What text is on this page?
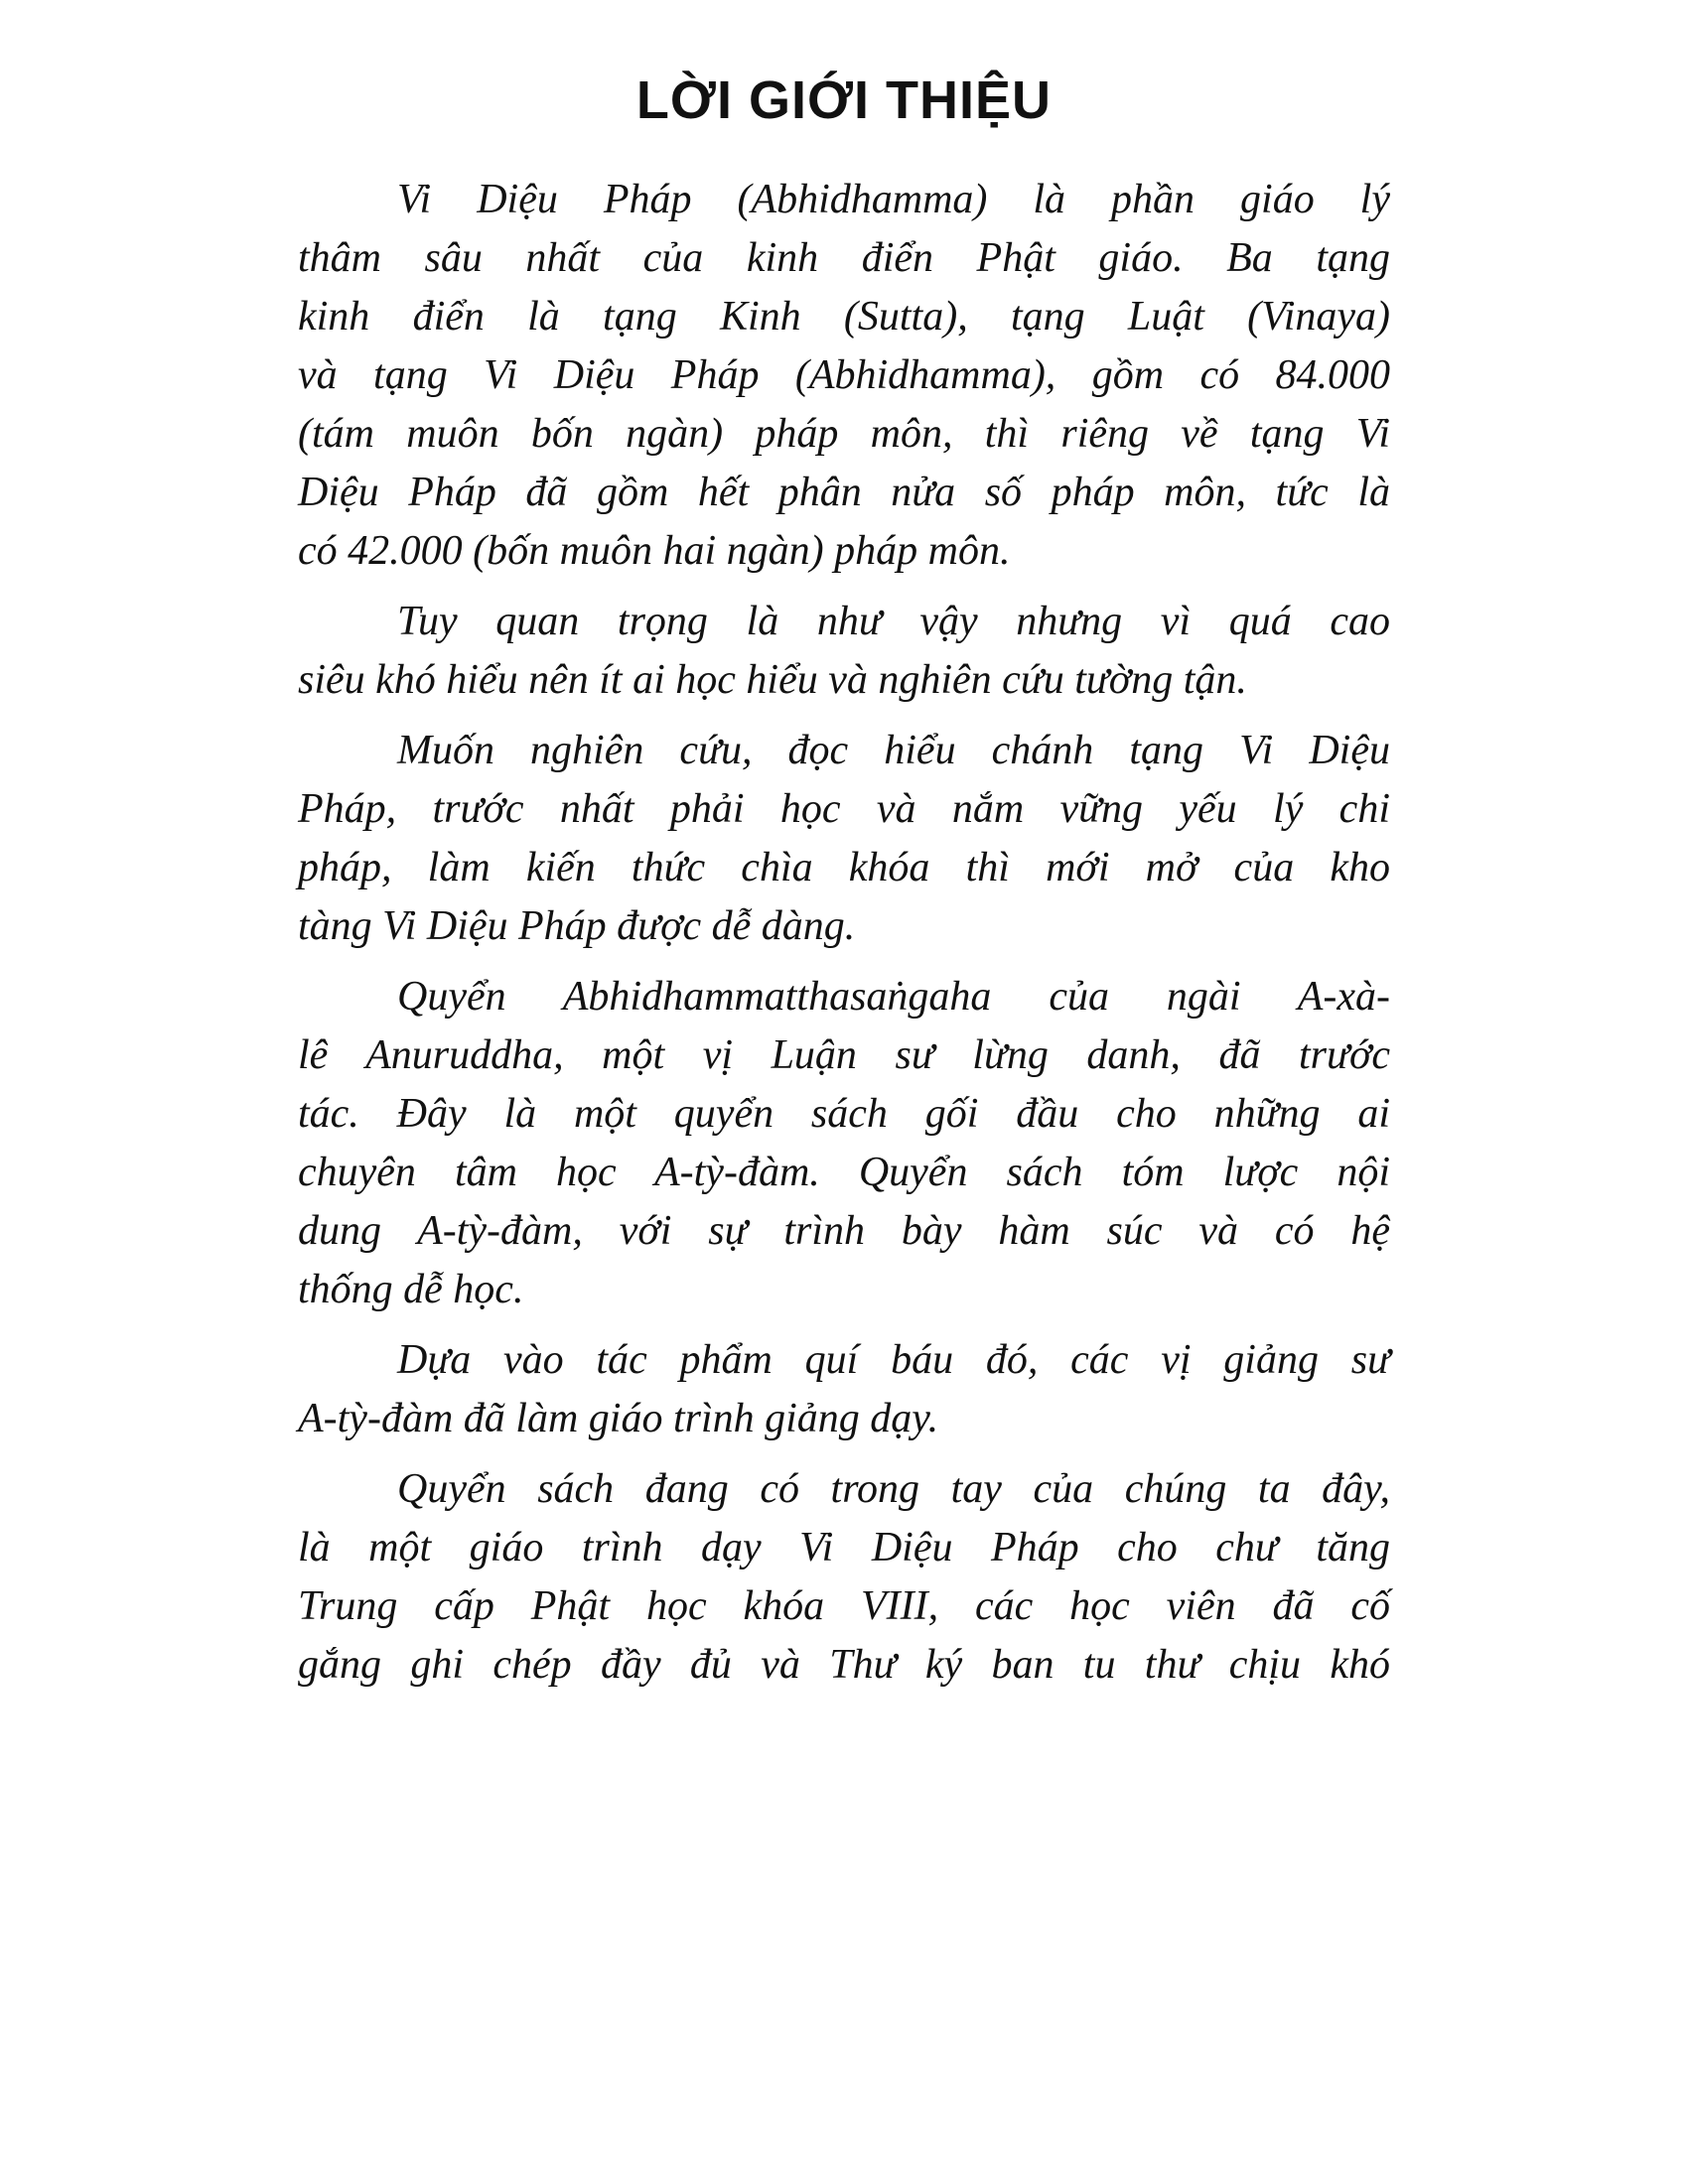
LỜI GIỚI THIỆU

Vi Diệu Pháp (Abhidhamma) là phần giáo lý
thâm sâu nhất của kinh điển Phật giáo. Ba tạng
kinh điển là tạng Kinh (Sutta), tạng Luật (Vinaya)
và tạng Vi Diệu Pháp (Abhidhamma), gồm có 84.000
(tám muôn bốn ngàn) pháp môn, thì riêng về tạng Vi
Diệu Pháp đã gồm hết phân nửa số pháp môn, tức là
có 42.000 (bốn muôn hai ngàn) pháp môn.

Tuy quan trọng là như vậy nhưng vì quá cao
siêu khó hiểu nên ít ai học hiểu và nghiên cứu tường tận.

Muốn nghiên cứu, đọc hiểu chánh tạng Vi Diệu
Pháp, trước nhất phải học và nắm vững yếu lý chi
pháp, làm kiến thức chìa khóa thì mới mở của kho
tàng Vi Diệu Pháp được dễ dàng.

Quyển Abhidhammatthasaṅgaha của ngài A-xà-
lê Anuruddha, một vị Luận sư lừng danh, đã trước
tác. Đây là một quyển sách gối đầu cho những ai
chuyên tâm học A-tỳ-đàm. Quyển sách tóm lược nội
dung A-tỳ-đàm, với sự trình bày hàm súc và có hệ
thống dễ học.

Dựa vào tác phẩm quí báu đó, các vị giảng sư
A-tỳ-đàm đã làm giáo trình giảng dạy.

Quyển sách đang có trong tay của chúng ta đây,
là một giáo trình dạy Vi Diệu Pháp cho chư tăng
Trung cấp Phật học khóa VIII, các học viên đã cố
gắng ghi chép đầy đủ và Thư ký ban tu thư chịu khó
